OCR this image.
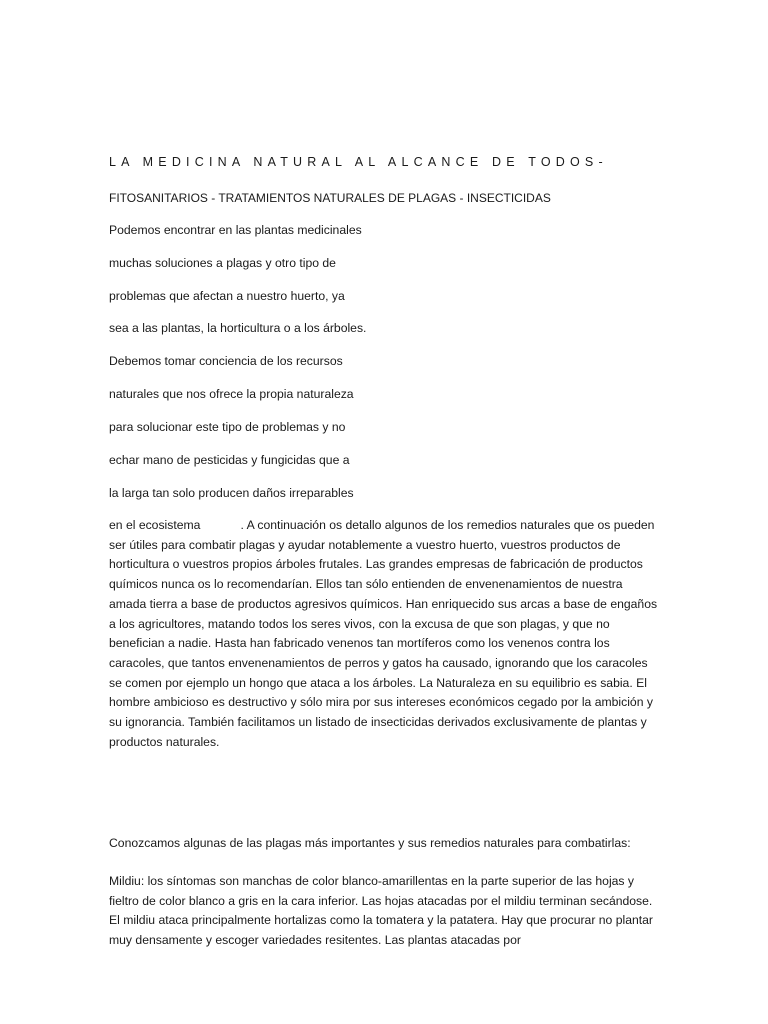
LA MEDICINA NATURAL AL ALCANCE DE TODOS-
FITOSANITARIOS - TRATAMIENTOS NATURALES DE PLAGAS - INSECTICIDAS
Podemos encontrar en las plantas medicinales
muchas soluciones a plagas y otro tipo de
problemas que afectan a nuestro huerto, ya
sea a las plantas, la horticultura o a los árboles.
Debemos tomar conciencia de los recursos
naturales que nos ofrece la propia naturaleza
para solucionar este tipo de problemas y no
echar mano de pesticidas y fungicidas que a
la larga tan solo producen daños irreparables
en el ecosistema	. A continuación os detallo algunos de los remedios naturales que os pueden ser útiles para combatir plagas y ayudar notablemente a vuestro huerto, vuestros productos de horticultura o vuestros propios árboles frutales. Las grandes empresas de fabricación de productos químicos nunca os lo recomendarían. Ellos tan sólo entienden de envenenamientos de nuestra amada tierra a base de productos agresivos químicos. Han enriquecido sus arcas a base de engaños a los agricultores, matando todos los seres vivos, con la excusa de que son plagas, y que no benefician a nadie. Hasta han fabricado venenos tan mortíferos como los venenos contra los caracoles, que tantos envenenamientos de perros y gatos ha causado, ignorando que los caracoles se comen por ejemplo un hongo que ataca a los árboles. La Naturaleza en su equilibrio es sabia. El hombre ambicioso es destructivo y sólo mira por sus intereses económicos cegado por la ambición y su ignorancia. También facilitamos un listado de insecticidas derivados exclusivamente de plantas y productos naturales.
Conozcamos algunas de las plagas más importantes y sus remedios naturales para combatirlas:
Mildiu: los síntomas son manchas de color blanco-amarillentas en la parte superior de las hojas y fieltro de color blanco a gris en la cara inferior. Las hojas atacadas por el mildiu terminan secándose. El mildiu ataca principalmente hortalizas como la tomatera y la patatera. Hay que procurar no plantar muy densamente y escoger variedades resitentes. Las plantas atacadas por
